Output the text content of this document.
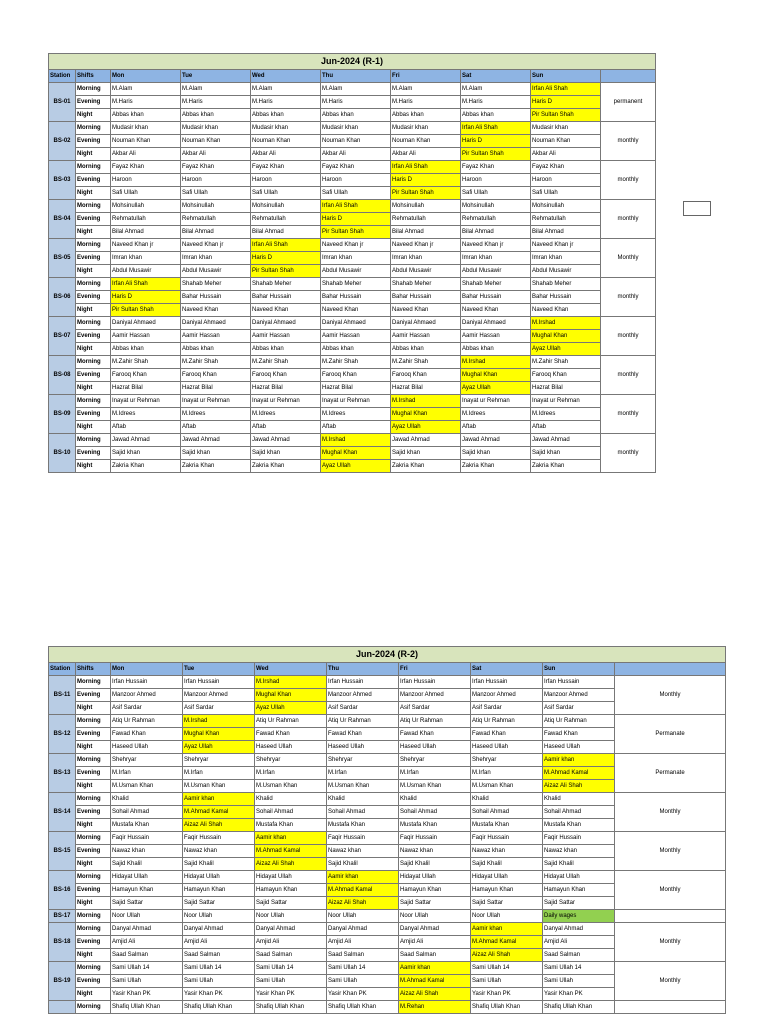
Jun-2024 (R-1)									
Station	Shifts	Mon	Tue	Wed	Thu	Fri	Sat	Sun	
BS-01	Morning	M.Alam	M.Alam	M.Alam	M.Alam	M.Alam	M.Alam	Irfan Ali Shah	permanent
	Evening	M.Haris	M.Haris	M.Haris	M.Haris	M.Haris	M.Haris	Haris D	
	Night	Abbas khan	Abbas khan	Abbas khan	Abbas khan	Abbas khan	Abbas khan	Pir Sultan Shah	
BS-02	Morning	Mudasir khan	Mudasir khan	Mudasir khan	Mudasir khan	Mudasir khan	Irfan Ali Shah	Mudasir khan	monthly
	Evening	Nouman Khan	Nouman Khan	Nouman Khan	Nouman Khan	Nouman Khan	Haris D	Nouman Khan	
	Night	Akbar Ali	Akbar Ali	Akbar Ali	Akbar Ali	Akbar Ali	Pir Sultan Shah	Akbar Ali	
BS-03	Morning	Fayaz Khan	Fayaz Khan	Fayaz Khan	Fayaz Khan	Irfan Ali Shah	Fayaz Khan	Fayaz Khan	monthly
	Evening	Haroon	Haroon	Haroon	Haroon	Haris D	Haroon	Haroon	
	Night	Safi Ullah	Safi Ullah	Safi Ullah	Safi Ullah	Pir Sultan Shah	Safi Ullah	Safi Ullah	
BS-04	Morning	Mohsinullah	Mohsinullah	Mohsinullah	Irfan Ali Shah	Mohsinullah	Mohsinullah	Mohsinullah	monthly
	Evening	Rehmatullah	Rehmatullah	Rehmatullah	Haris D	Rehmatullah	Rehmatullah	Rehmatullah	
	Night	Bilal Ahmad	Bilal Ahmad	Bilal Ahmad	Pir Sultan Shah	Bilal Ahmad	Bilal Ahmad	Bilal Ahmad	
BS-05	Morning	Naveed Khan jr	Naveed Khan jr	Irfan Ali Shah	Naveed Khan jr	Naveed Khan jr	Naveed Khan jr	Naveed Khan jr	Monthly
	Evening	Imran khan	Imran khan	Haris D	Imran khan	Imran khan	Imran khan	Imran khan	
	Night	Abdul Musawir	Abdul Musawir	Pir Sultan Shah	Abdul Musawir	Abdul Musawir	Abdul Musawir	Abdul Musawir	
BS-06	Morning	Irfan Ali Shah	Shahab Meher	Shahab Meher	Shahab Meher	Shahab Meher	Shahab Meher	Shahab Meher	monthly
	Evening	Haris D	Bahar Hussain	Bahar Hussain	Bahar Hussain	Bahar Hussain	Bahar Hussain	Bahar Hussain	
	Night	Pir Sultan Shah	Naveed Khan	Naveed Khan	Naveed Khan	Naveed Khan	Naveed Khan	Naveed Khan	
BS-07	Morning	Daniyal Ahmaed	Daniyal Ahmaed	Daniyal Ahmaed	Daniyal Ahmaed	Daniyal Ahmaed	Daniyal Ahmaed	M.Irshad	monthly
	Evening	Aamir Hassan	Aamir Hassan	Aamir Hassan	Aamir Hassan	Aamir Hassan	Aamir Hassan	Mughal Khan	
	Night	Abbas khan	Abbas khan	Abbas khan	Abbas khan	Abbas khan	Abbas khan	Ayaz Ullah	
BS-08	Morning	M.Zahir Shah	M.Zahir Shah	M.Zahir Shah	M.Zahir Shah	M.Zahir Shah	M.Irshad	M.Zahir Shah	monthly
	Evening	Farooq Khan	Farooq Khan	Farooq Khan	Farooq Khan	Farooq Khan	Mughal Khan	Farooq Khan	
	Night	Hazrat Bilal	Hazrat Bilal	Hazrat Bilal	Hazrat Bilal	Hazrat Bilal	Ayaz Ullah	Hazrat Bilal	
BS-09	Morning	Inayat ur Rehman	Inayat ur Rehman	Inayat ur Rehman	Inayat ur Rehman	M.Irshad	Inayat ur Rehman	Inayat ur Rehman	monthly
	Evening	M.Idrees	M.Idrees	M.Idrees	M.Idrees	Mughal Khan	M.Idrees	M.Idrees	
	Night	Aftab	Aftab	Aftab	Aftab	Ayaz Ullah	Aftab	Aftab	
BS-10	Morning	Jawad Ahmad	Jawad Ahmad	Jawad Ahmad	M.Irshad	Jawad Ahmad	Jawad Ahmad	Jawad Ahmad	monthly
	Evening	Sajid khan	Sajid khan	Sajid khan	Mughal Khan	Sajid khan	Sajid khan	Sajid khan	
	Night	Zakria Khan	Zakria Khan	Zakria Khan	Ayaz Ullah	Zakria Khan	Zakria Khan	Zakria Khan	
Jun-2024 (R-2)									
Station	Shifts	Mon	Tue	Wed	Thu	Fri	Sat	Sun	
BS-11	Morning	Irfan Hussain	Irfan Hussain	M.Irshad	Irfan Hussain	Irfan Hussain	Irfan Hussain	Irfan Hussain	Monthly
	Evening	Manzoor Ahmed	Manzoor Ahmed	Mughal Khan	Manzoor Ahmed	Manzoor Ahmed	Manzoor Ahmed	Manzoor Ahmed	
	Night	Asif Sardar	Asif Sardar	Ayaz Ullah	Asif Sardar	Asif Sardar	Asif Sardar	Asif Sardar	
BS-12	Morning	Atiq Ur Rahman	M.Irshad	Atiq Ur Rahman	Atiq Ur Rahman	Atiq Ur Rahman	Atiq Ur Rahman	Atiq Ur Rahman	Permanate
	Evening	Fawad Khan	Mughal Khan	Fawad Khan	Fawad Khan	Fawad Khan	Fawad Khan	Fawad Khan	
	Night	Haseed Ullah	Ayaz Ullah	Haseed Ullah	Haseed Ullah	Haseed Ullah	Haseed Ullah	Haseed Ullah	
BS-13	Morning	Shehryar	Shehryar	Shehryar	Shehryar	Shehryar	Shehryar	Aamir khan	Permanate
	Evening	M.Irfan	M.Irfan	M.Irfan	M.Irfan	M.Irfan	M.Irfan	M.Ahmad Kamal	
	Night	M.Usman Khan	M.Usman Khan	M.Usman Khan	M.Usman Khan	M.Usman Khan	M.Usman Khan	Aizaz Ali Shah	
BS-14	Morning	Khalid	Aamir khan	Khalid	Khalid	Khalid	Khalid	Khalid	Monthly
	Evening	Sohail Ahmad	M.Ahmad Kamal	Sohail Ahmad	Sohail Ahmad	Sohail Ahmad	Sohail Ahmad	Sohail Ahmad	
	Night	Mustafa Khan	Aizaz Ali Shah	Mustafa Khan	Mustafa Khan	Mustafa Khan	Mustafa Khan	Mustafa Khan	
BS-15	Morning	Faqir Hussain	Faqir Hussain	Aamir khan	Faqir Hussain	Faqir Hussain	Faqir Hussain	Faqir Hussain	Monthly
	Evening	Nawaz khan	Nawaz khan	M.Ahmad Kamal	Nawaz khan	Nawaz khan	Nawaz khan	Nawaz khan	
	Night	Sajid Khalil	Sajid Khalil	Aizaz Ali Shah	Sajid Khalil	Sajid Khalil	Sajid Khalil	Sajid Khalil	
BS-16	Morning	Hidayat Ullah	Hidayat Ullah	Hidayat Ullah	Aamir khan	Hidayat Ullah	Hidayat Ullah	Hidayat Ullah	Monthly
	Evening	Hamayun Khan	Hamayun Khan	Hamayun Khan	M.Ahmad Kamal	Hamayun Khan	Hamayun Khan	Hamayun Khan	
	Night	Sajid Sattar	Sajid Sattar	Sajid Sattar	Aizaz Ali Shah	Sajid Sattar	Sajid Sattar	Sajid Sattar	
BS-17	Morning	Noor Ullah	Noor Ullah	Noor Ullah	Noor Ullah	Noor Ullah	Noor Ullah	Daily wages	
BS-18	Morning	Danyal Ahmad	Danyal Ahmad	Danyal Ahmad	Danyal Ahmad	Danyal Ahmad	Aamir khan	Danyal Ahmad	Monthly
	Evening	Amjid Ali	Amjid Ali	Amjid Ali	Amjid Ali	Amjid Ali	M.Ahmad Kamal	Amjid Ali	
	Night	Saad Salman	Saad Salman	Saad Salman	Saad Salman	Saad Salman	Aizaz Ali Shah	Saad Salman	
BS-19	Morning	Sami Ullah 14	Sami Ullah 14	Sami Ullah 14	Sami Ullah 14	Aamir khan	Sami Ullah 14	Sami Ullah 14	Monthly
	Evening	Sami Ullah	Sami Ullah	Sami Ullah	Sami Ullah	M.Ahmad Kamal	Sami Ullah	Sami Ullah	
	Night	Yasir Khan PK	Yasir Khan PK	Yasir Khan PK	Yasir Khan PK	Aizaz Ali Shah	Yasir Khan PK	Yasir Khan PK	
	Morning	Shafiq Ullah Khan	Shafiq Ullah Khan	Shafiq Ullah Khan	Shafiq Ullah Khan	M.Rehan	Shafiq Ullah Khan	Shafiq Ullah Khan	
